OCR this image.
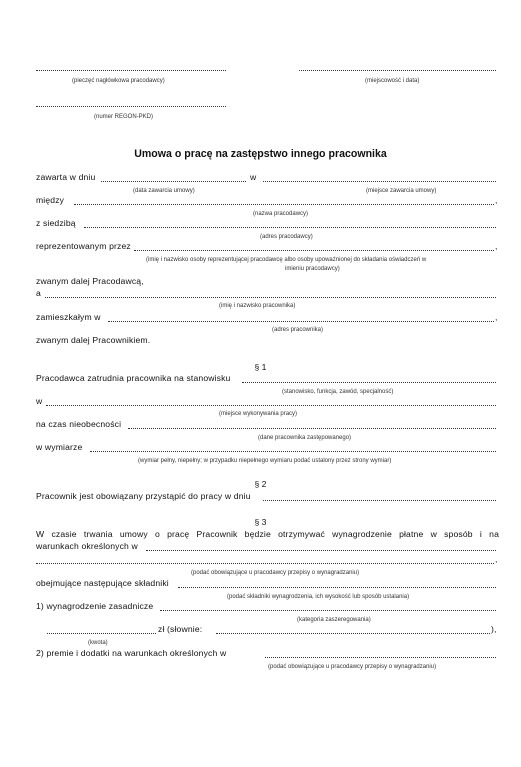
(pieczęć nagłówkowa pracodawcy)	(miejscowość i data)
(numer REGON-PKD)
Umowa o pracę na zastępstwo innego pracownika
zawarta w dniu	w
(data zawarcia umowy)	(miejsce zawarcia umowy)
między	,
(nazwa pracodawcy)
z siedzibą
(adres pracodawcy)
reprezentowanym przez	,
(imię i nazwisko osoby reprezentującej pracodawcę albo osoby upoważnionej do składania oświadczeń w
imieniu pracodawcy)
zwanym dalej Pracodawcą,
a
(imię i nazwisko pracownika)
zamieszkałym w	,
(adres pracownika)
zwanym dalej Pracownikiem.
§ 1
Pracodawca zatrudnia pracownika na stanowisku
(stanowisko, funkcja, zawód, specjalność)
w
(miejsce wykonywania pracy)
na czas nieobecności
(dane pracownika zastępowanego)
w wymiarze
(wymiar pełny, niepełny; w przypadku niepełnego wymiaru podać ustalony przez strony wymiar)
§ 2
Pracownik jest obowiązany przystąpić do pracy w dniu
§ 3
W czasie trwania umowy o pracę Pracownik będzie otrzymywać wynagrodzenie płatne w sposób i na
warunkach określonych w
,
(podać obowiązujące u pracodawcy przepisy o wynagradzaniu)
obejmujące następujące składniki
(podać składniki wynagrodzenia, ich wysokość lub sposób ustalania)
1) wynagrodzenie zasadnicze
(kategoria zaszeregowania)
zł (słownie:	),
(kwota)
2) premie i dodatki na warunkach określonych w
(podać obowiązujące u pracodawcy przepisy o wynagradzaniu)
